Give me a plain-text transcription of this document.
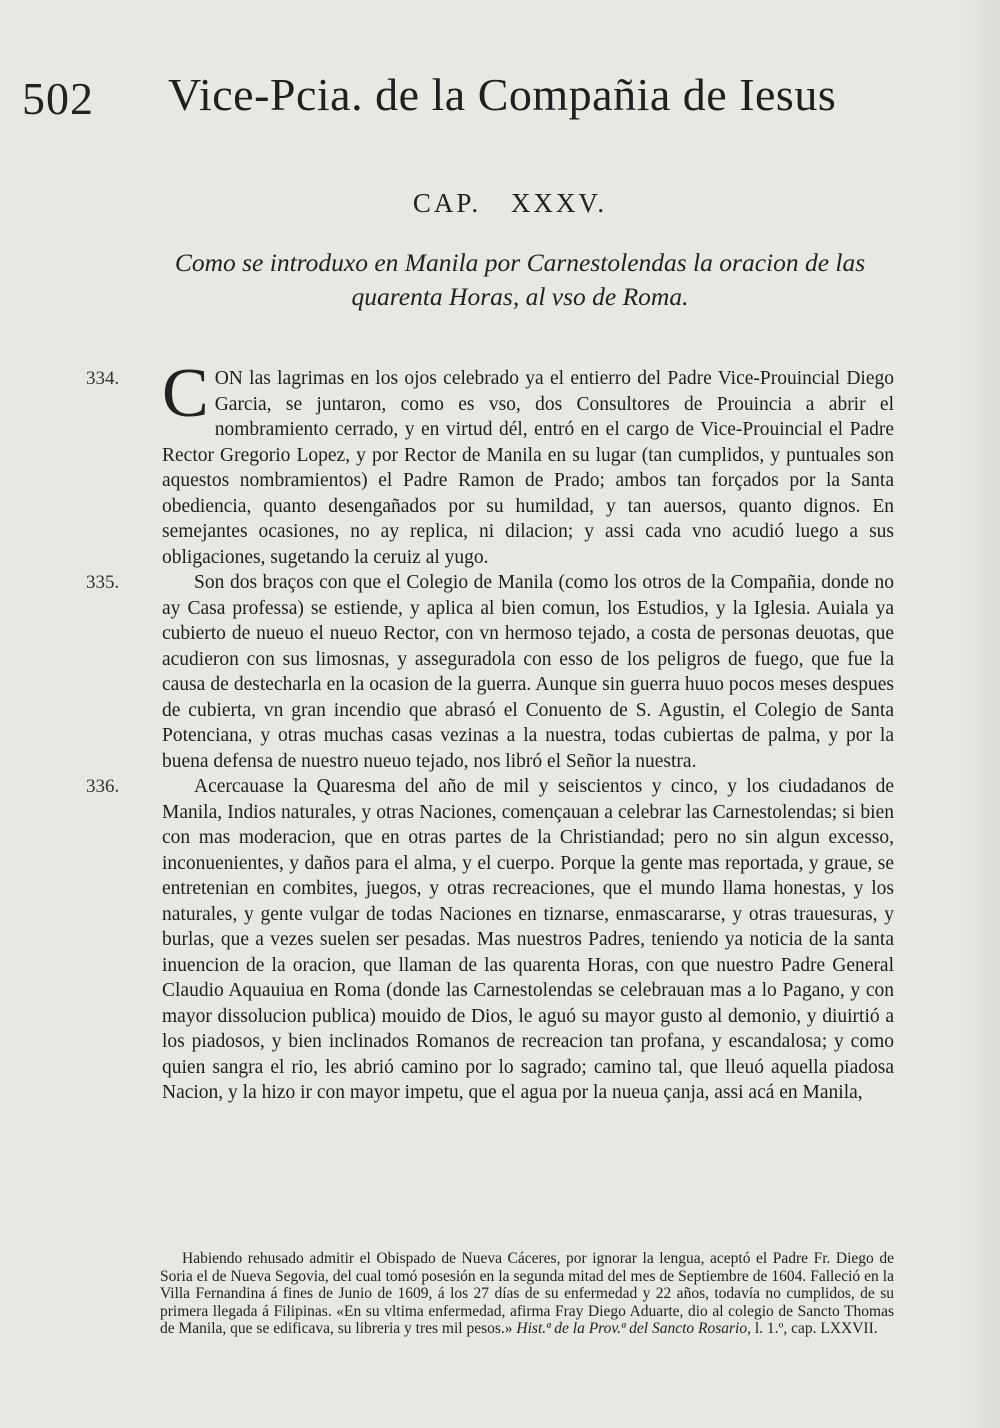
502 Vice-Pcia. de la Compañia de Iesus
CAP. XXXV.
Como se introduxo en Manila por Carnestolendas la oracion de las quarenta Horas, al vso de Roma.

334. C ON las lagrimas en los ojos celebrado ya el entierro del Padre Vice-Prouincial Diego Garcia, se juntaron, como es vso, dos Consultores de Prouincia a abrir el nombramiento cerrado, y en virtud dél, entró en el cargo de Vice-Prouincial el Padre Rector Gregorio Lopez, y por Rector de Manila en su lugar (tan cumplidos, y puntuales son aquestos nombramientos) el Padre Ramon de Prado; ambos tan forçados por la Santa obediencia, quanto desengañados por su humildad, y tan auersos, quanto dignos. En semejantes ocasiones, no ay replica, ni dilacion; y assi cada vno acudió luego a sus obligaciones, sugetando la ceruiz al yugo.

335.	Son dos braços con que el Colegio de Manila (como los otros de la Compañia, donde no ay Casa professa) se estiende, y aplica al bien comun, los Estudios, y la Iglesia. Auiala ya cubierto de nueuo el nueuo Rector, con vn hermoso tejado, a costa de personas deuotas, que acudieron con sus limosnas, y asseguradola con esso de los peligros de fuego, que fue la causa de destecharla en la ocasion de la guerra. Aunque sin guerra huuo pocos meses despues de cubierta, vn gran incendio que abrasó el Conuento de S. Agustin, el Colegio de Santa Potenciana, y otras muchas casas vezinas a la nuestra, todas cubiertas de palma, y por la buena defensa de nuestro nueuo tejado, nos libró el Señor la nuestra.

336.	Acercauase la Quaresma del año de mil y seiscientos y cinco, y los ciudadanos de Manila, Indios naturales, y otras Naciones, començauan a celebrar las Carnestolendas; si bien con mas moderacion, que en otras partes de la Christiandad; pero no sin algun excesso, inconuenientes, y daños para el alma, y el cuerpo. Porque la gente mas reportada, y graue, se entretenian en combites, juegos, y otras recreaciones, que el mundo llama honestas, y los naturales, y gente vulgar de todas Naciones en tiznarse, enmascararse, y otras trauesuras, y burlas, que a vezes suelen ser pesadas. Mas nuestros Padres, teniendo ya noticia de la santa inuencion de la oracion, que llaman de las quarenta Horas, con que nuestro Padre General Claudio Aquauiua en Roma (donde las Carnestolendas se celebrauan mas a lo Pagano, y con mayor dissolucion publica) mouido de Dios, le aguó su mayor gusto al demonio, y diuirtió a los piadosos, y bien inclinados Romanos de recreacion tan profana, y escandalosa; y como quien sangra el rio, les abrió camino por lo sagrado; camino tal, que lleuó aquella piadosa Nacion, y la hizo ir con mayor impetu, que el agua por la nueua çanja, assi acá en Manila,

Habiendo rehusado admitir el Obispado de Nueva Cáceres, por ignorar la lengua, aceptó el Padre Fr. Diego de Soria el de Nueva Segovia, del cual tomó posesión en la segunda mitad del mes de Septiembre de 1604. Falleció en la Villa Fernandina á fines de Junio de 1609, á los 27 días de su enfermedad y 22 años, todavía no cumplidos, de su primera llegada á Filipinas. «En su vltima enfermedad, afirma Fray Diego Aduarte, dio al colegio de Sancto Thomas de Manila, que se edificava, su libreria y tres mil pesos.» Hist.ª de la Prov.ª del Sancto Rosario, l. 1.º, cap. LXXVII.
